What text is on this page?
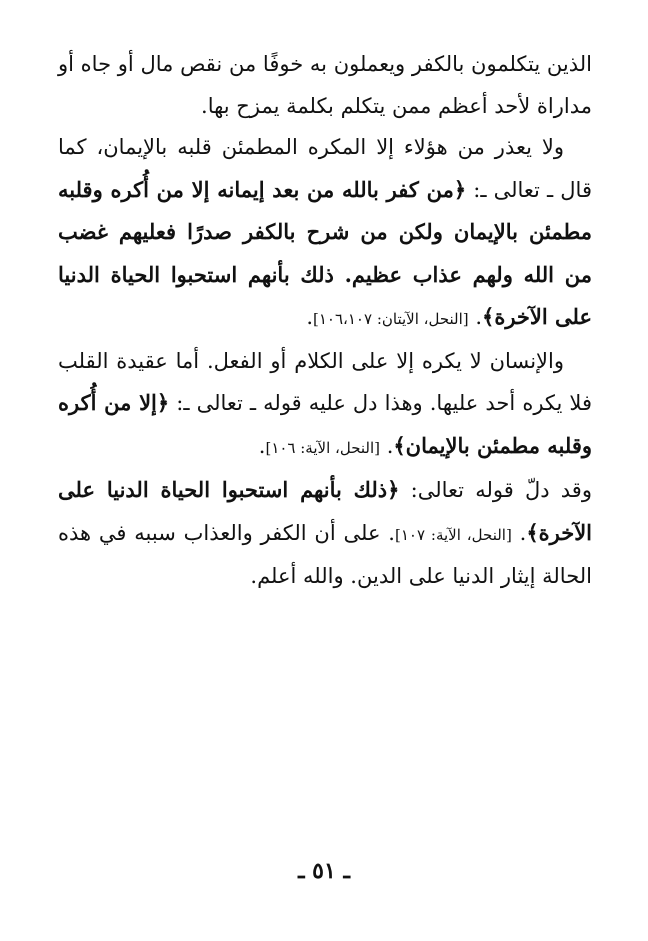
الذين يتكلمون بالكفر ويعملون به خوفًا من نقص مال أو جاه أو مداراة لأحد أعظم ممن يتكلم بكلمة يمزح بها.

ولا يعذر من هؤلاء إلا المكره المطمئن قلبه بالإيمان، كما قال ـ تعالى ـ: ﴿من كفر بالله من بعد إيمانه إلا من أُكره وقلبه مطمئن بالإيمان ولكن من شرح بالكفر صدرًا فعليهم غضب من الله ولهم عذاب عظيم. ذلك بأنهم استحبوا الحياة الدنيا على الآخرة﴾. [النحل، الآيتان: ١٠٦،١٠٧].

والإنسان لا يكره إلا على الكلام أو الفعل. أما عقيدة القلب فلا يكره أحد عليها. وهذا دل عليه قوله ـ تعالى ـ: ﴿إلا من أُكره وقلبه مطمئن بالإيمان﴾. [النحل، الآية: ١٠٦].

وقد دلّ قوله تعالى: ﴿ذلك بأنهم استحبوا الحياة الدنيا على الآخرة﴾. [النحل، الآية: ١٠٧]. على أن الكفر والعذاب سببه في هذه الحالة إيثار الدنيا على الدين. والله أعلم.

ـ ٥١ ـ
